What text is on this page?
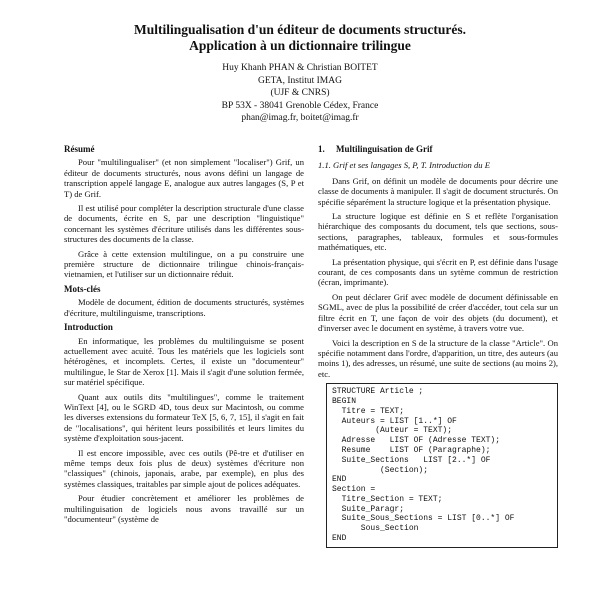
Multilingualisation d'un éditeur de documents structurés.
Application à un dictionnaire trilingue
Huy Khanh PHAN & Christian BOITET
GETA, Institut IMAG
(UJF & CNRS)
BP 53X - 38041 Grenoble Cédex, France
phan@imag.fr, boitet@imag.fr
Résumé

Pour "multilingualiser" (et non simplement "localiser") Grif, un éditeur de documents structurés, nous avons défini un langage de transcription appelé langage E, analogue aux autres langages (S, P et T) de Grif.

Il est utilisé pour compléter la description structurale d'une classe de documents, écrite en S, par une description "linguistique" concernant les systèmes d'écriture utilisés dans les différentes sous-structures des documents de la classe.

Grâce à cette extension multilingue, on a pu construire une première structure de dictionnaire trilingue chinois-français-vietnamien, et l'utiliser sur un dictionnaire réduit.

Mots-clés

Modèle de document, édition de documents structurés, systèmes d'écriture, multilinguisme, transcriptions.

Introduction

En informatique, les problèmes du multilinguisme se posent actuellement avec acuité. Tous les matériels que les logiciels sont hétérogènes, et incomplets. Certes, il existe un "documenteur" multilingue, le Star de Xerox [1]. Mais il s'agit d'une solution fermée, sur matériel spécifique.

Quant aux outils dits "multilingues", comme le traitement WinText [4], ou le SGRD 4D, tous deux sur Macintosh, ou comme les diverses extensions du formateur TeX [5, 6, 7, 15], il s'agit en fait de "localisations", qui héritent leurs possibilités et leurs limites du système d'exploitation sous-jacent.

Il est encore impossible, avec ces outils (Pê-tre et d'utiliser en même temps deux fois plus de deux) systèmes d'écriture non "classiques" (chinois, japonais, arabe, par exemple), en plus des systèmes classiques, traitables par simple ajout de polices adéquates.

Pour étudier concrètement et améliorer les problèmes de multilinguisation de logiciels nous avons travaillé sur un "documenteur" (système de

1. Multilinguisation de Grif
1.1. Grif et ses langages S, P, T. Introduction du E

Dans Grif, on définit un modèle de documents pour décrire une classe de documents à manipuler. Il s'agit de document structurés. On spécifie séparément la structure logique et la présentation physique.

La structure logique est définie en S et reflète l'organisation hiérarchique des composants du document, tels que sections, sous-sections, paragraphes, tableaux, formules et sous-formules mathématiques, etc.

La présentation physique, qui s'écrit en P, est définie dans l'usage courant, de ces composants dans un sytème commun de restriction (écran, imprimante).

On peut déclarer Grif avec modèle de document définissable en SGML, avec de plus la possibilité de créer d'accéder, tout cela sur un filtre écrit en T, une façon de voir des objets (du document), et d'inverser avec le document en système, à travers votre vue.

Voici la description en S de la structure de la classe "Article". On spécifie notamment dans l'ordre, d'apparition, un titre, des auteurs (au moins 1), des adresses, un résumé, une suite de sections (au moins 2), etc.

STRUCTURE Article ;
BEGIN
Titre = TEXT;
Auteurs = LIST [1..*] OF
(Auteur = TEXT);
Adresse   LIST OF (Adresse TEXT);
Resume    LIST OF (Paragraphe);
Suite_Sections   LIST [2..*] OF
(Section);
END
Section =
Titre_Section = TEXT;
Suite_Paragr;
Suite_Sous_Sections = LIST [0..*] OF
Sous_Section
END
